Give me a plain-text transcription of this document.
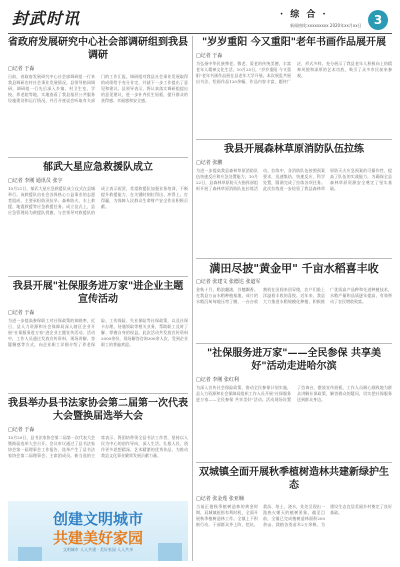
封武时讯	· 综 合 ·	3
新闻热线:xxxxxxxxx 2020年xx月xx日
省政府发展研究中心社会部调研组到我县调研
□记者 于淼
日前，省政府发展研究中心社会部调研组一行来我县调研农村社会事业发展情况。县领导陪同调研。调研组一行先后深入乡镇、村卫生室、学校、养老院等地，实地查看了我县基层公共服务设施建设和运行情况，并召开座谈会听取有关部门的工作汇报。调研组对我县社会事业发展取得的成绩给予充分肯定，并就下一步工作提出了意见和建议。县领导表示，将认真落实调研组提出的意见建议，进一步补齐民生短板，提升群众的获得感、幸福感和安全感。
郁武大星应急救援队成立
□记者 李刚 通讯员 张宇
10月21日，郁武大星应急救援队成立仪式在县城举行。该救援队由社会各界热心公益事业的志愿者组成，主要承担防汛抗旱、森林防火、水上救援、地震救援等应急救援任务。成立仪式上，县应急管理局为救援队授旗，与会领导对救援队的成立表示祝贺，希望救援队加强业务培训，不断提升救援能力，在关键时刻拉得出、冲得上、打得赢，为保障人民群众生命财产安全作出积极贡献。
我县开展"社保服务进万家"进企业主题宣传活动
□记者 于淼
为进一步提高参保职工对社保政策的知晓率，近日，县人力资源和社会保障局深入辖区企业开展"社保服务进万家"进企业主题宣传活动。活动中，工作人员通过发放宣传资料、现场讲解、答疑解惑等方式，向企业职工详细介绍了养老保险、工伤保险、失业保险等社保政策，以及社保卡办理、待遇领取等相关业务，帮助职工及时了解、掌握自身的权益。此次活动共发放宣传资料2000余份，现场解答咨询300余人次，受到企业职工的普遍欢迎。
我县举办县书法家协会第二届第一次代表大会暨换届选举大会
□记者 于淼
10月20日，县书法家协会第二届第一次代表大会暨换届选举大会召开。会议审议通过了县书法家协会第一届理事会工作报告，选举产生了县书法家协会第二届理事会、主席团成员。新当选的主席表示，将团结带领全县书法工作者，坚持以人民为中心的创作导向，深入生活、扎根人民，创作更多思想精深、艺术精湛的优秀作品，为推动我县文化事业繁荣发展贡献力量。
创建文明城市
共建美好家园
文明城市 人人共建 · 美好家园 人人共享
"岁岁重阳 今又重阳"老年书画作品展开展
□记者 于淼
为弘扬中华民族尊老、敬老、爱老的传统美德，丰富老年人精神文化生活，10月25日，"岁岁重阳 今又重阳"老年书画作品展在县老年大学开展。本次展览共展出书法、绘画作品120余幅，作品内容丰富，题材广泛，形式多样，充分展示了我县老年人积极向上的精神风貌和深厚的艺术功底，吸引了众多市民前来参观。
我县开展森林草原消防队伍拉练
□记者 张鹏
为进一步提高我县森林草原消防队伍快速反应和应急处置能力，10月22日，县森林草原防灭火指挥部组织开展了森林草原消防队伍拉练活动。拉练中，各消防队伍按照预案要求，迅速集结、快速反应，科学处置，圆满完成了拉练各项任务。此次拉练进一步检验了我县森林草原防灭火应急预案的可操作性，提高了队伍的实战能力，为确保全县森林草原资源安全奠定了坚实基础。
满田尽披"黄金甲" 千亩水稻喜丰收
□记者 张建文 张德达 张道军
金秋十月，稻浪翻滚，谷穗飘香。在我县万亩水稻种植基地，成片的水稻沉甸甸地压弯了腰，一台台收割机在田间来回穿梭，农户们脸上洋溢着丰收的喜悦。近年来，我县大力推进水稻规模化种植，积极推广优质高产品种和先进种植技术，水稻产量和品质逐年提高，有效带动了农民增收致富。
"社保服务进万家"——全民参保 共享美好"活动走进哈尔滨
□记者 李刚 张红利
为深入宣传社会保险政策，推动全民参保计划实施，县人力资源和社会保障局组织工作人员开展"社保服务进万家——全民参保 共享美好"活动。活动现场设置了咨询台，摆放宣传展板，工作人员耐心细致地为群众讲解社保政策，解答群众的疑问，切实把社保服务送到群众身边。
双城镇全面开展秋季植树造林共建新绿护生态
□记者 张金莲 张亚楠
当前正值秋季植树造林的黄金时期，双城镇抢抓有利时机，全面开展秋季植树造林工作。全镇上下积极行动，干部群众齐上阵，挖坑、栽苗、培土、浇水，处处呈现出一派热火朝天的植树景象。截至目前，全镇已完成植树造林面积200余亩，栽植各类苗木2万余株，为建设生态宜居美丽乡村奠定了良好基础。
